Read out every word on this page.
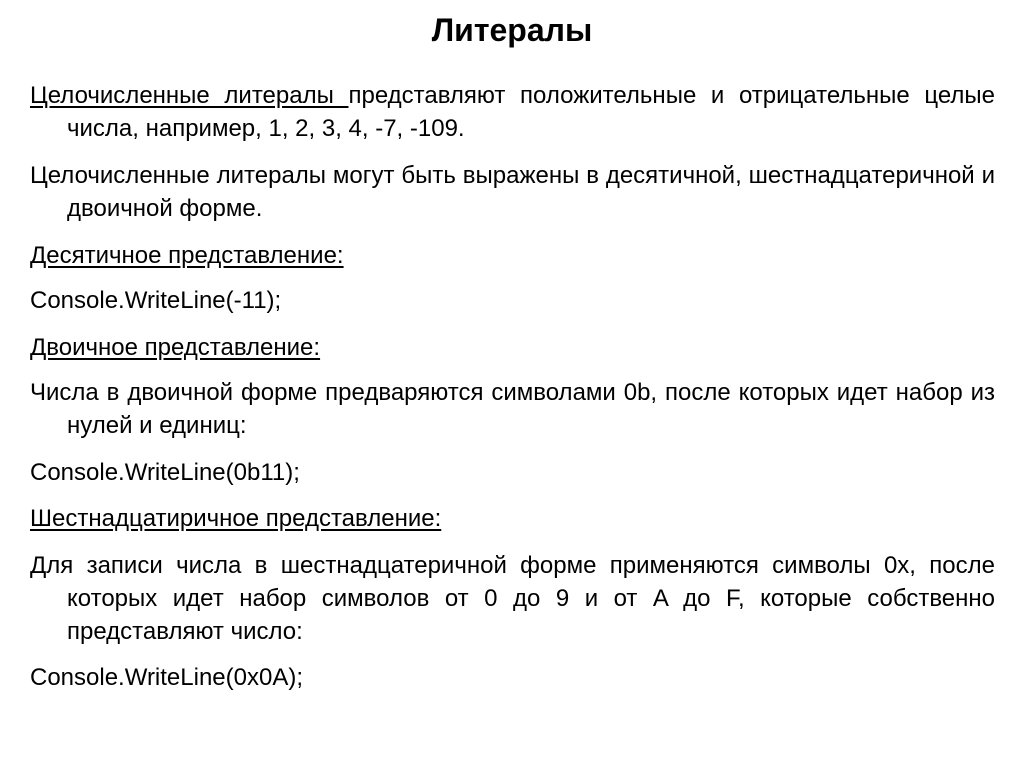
Литералы
Целочисленные литералы представляют положительные и отрицательные целые числа, например, 1, 2, 3, 4, -7, -109.
Целочисленные литералы могут быть выражены в десятичной, шестнадцатеричной и двоичной форме.
Десятичное представление:
Console.WriteLine(-11);
Двоичное представление:
Числа в двоичной форме предваряются символами 0b, после которых идет набор из нулей и единиц:
Console.WriteLine(0b11);
Шестнадцатиричное представление:
Для записи числа в шестнадцатеричной форме применяются символы 0x, после которых идет набор символов от 0 до 9 и от A до F, которые собственно представляют число:
Console.WriteLine(0x0A);
